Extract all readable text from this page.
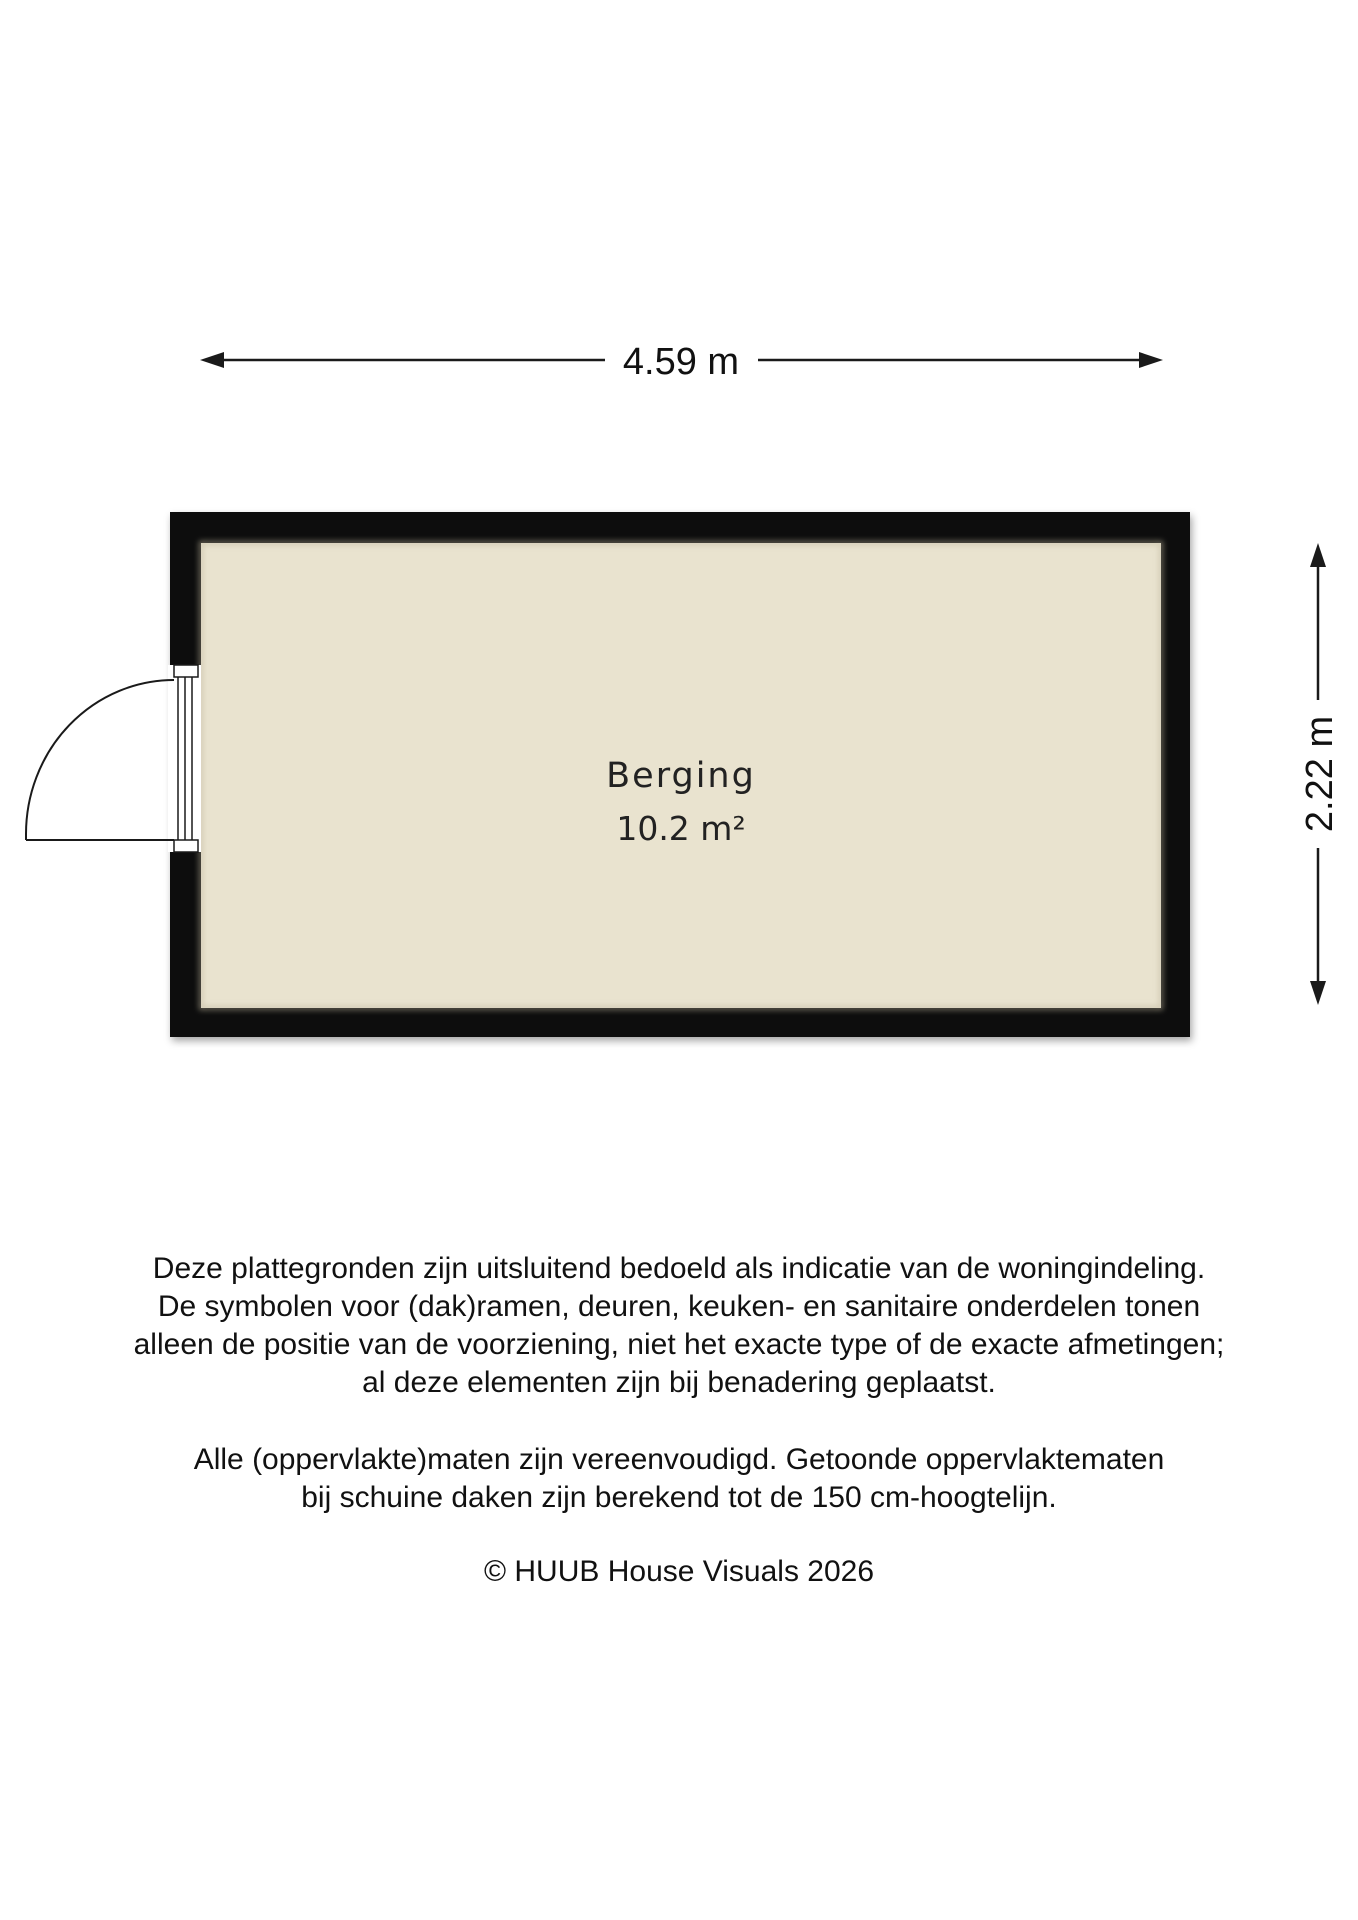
4.59 m
2.22 m
Berging
10.2 m²
Deze plattegronden zijn uitsluitend bedoeld als indicatie van de woningindeling.
De symbolen voor (dak)ramen, deuren, keuken- en sanitaire onderdelen tonen
alleen de positie van de voorziening, niet het exacte type of de exacte afmetingen;
al deze elementen zijn bij benadering geplaatst.
Alle (oppervlakte)maten zijn vereenvoudigd. Getoonde oppervlaktematen
bij schuine daken zijn berekend tot de 150 cm-hoogtelijn.
© HUUB House Visuals 2026
